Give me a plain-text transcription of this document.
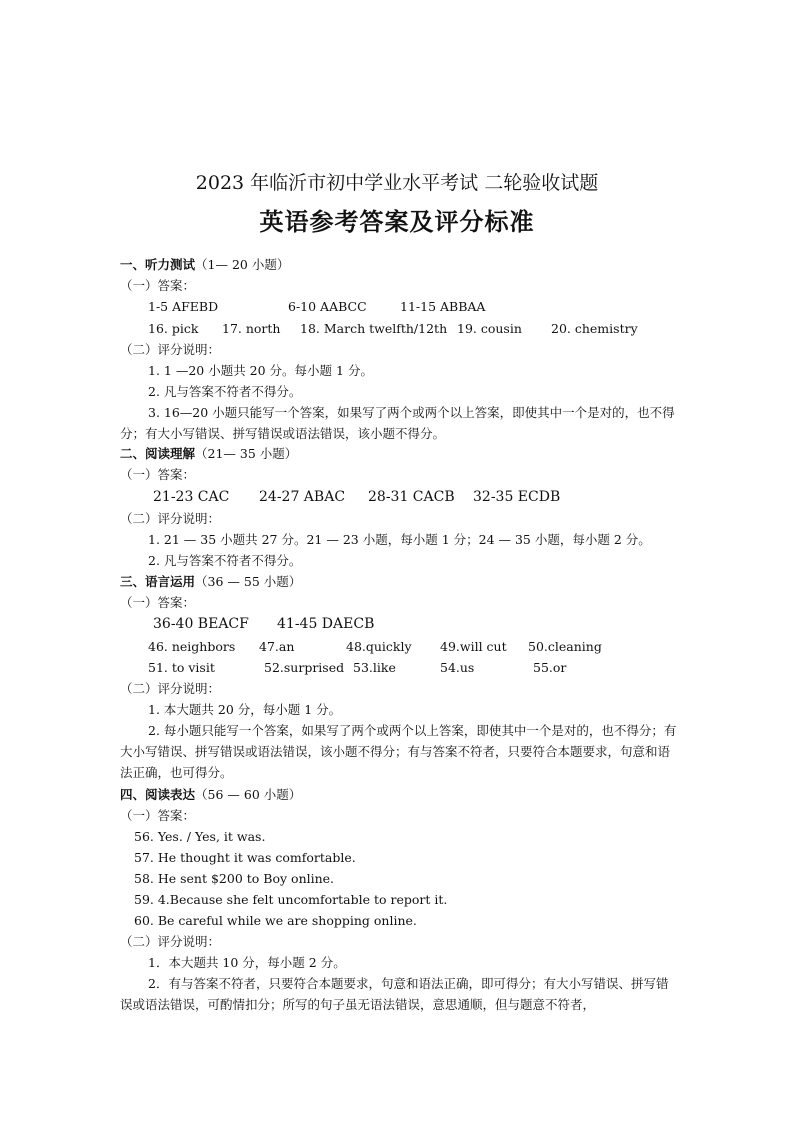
2023 年临沂市初中学业水平考试 二轮验收试题
英语参考答案及评分标准
一、听力测试（1— 20 小题）
（一）答案：
1-5 AFEBD	6-10 AABCC	11-15 ABBAA
16. pick 17. north 18. March twelfth/12th 19. cousin 20. chemistry
（二）评分说明：
1. 1 —20 小题共 20 分。每小题 1 分。
2. 凡与答案不符者不得分。
3. 16—20 小题只能写一个答案，如果写了两个或两个以上答案，即使其中一个是对的，也不得分；有大小写错误、拼写错误或语法错误，该小题不得分。
二、阅读理解（21— 35 小题）
（一）答案：
21-23 CAC 24-27 ABAC 28-31 CACB 32-35 ECDB
（二）评分说明：
1. 21 — 35 小题共 27 分。21 — 23 小题，每小题 1 分；24 — 35 小题，每小题 2 分。
2. 凡与答案不符者不得分。
三、语言运用（36 — 55 小题）
（一）答案：
36-40 BEACF 41-45 DAECB
46. neighbors 47.an	48.quickly 49.will cut 50.cleaning
51. to visit	52.surprised 53.like	54.us	55.or
（二）评分说明：
1. 本大题共 20 分，每小题 1 分。
2. 每小题只能写一个答案，如果写了两个或两个以上答案，即使其中一个是对的，也不得分；有大小写错误、拼写错误或语法错误，该小题不得分；有与答案不符者，只要符合本题要求，句意和语法正确，也可得分。
四、阅读表达（56 — 60 小题）
（一）答案：
56. Yes. / Yes, it was.
57. He thought it was comfortable.
58. He sent $200 to Boy online.
59. 4.Because she felt uncomfortable to report it.
60. Be careful while we are shopping online.
（二）评分说明：
1．本大题共 10 分，每小题 2 分。
2．有与答案不符者，只要符合本题要求，句意和语法正确，即可得分；有大小写错误、拼写错误或语法错误，可酌情扣分；所写的句子虽无语法错误，意思通顺，但与题意不符者，
